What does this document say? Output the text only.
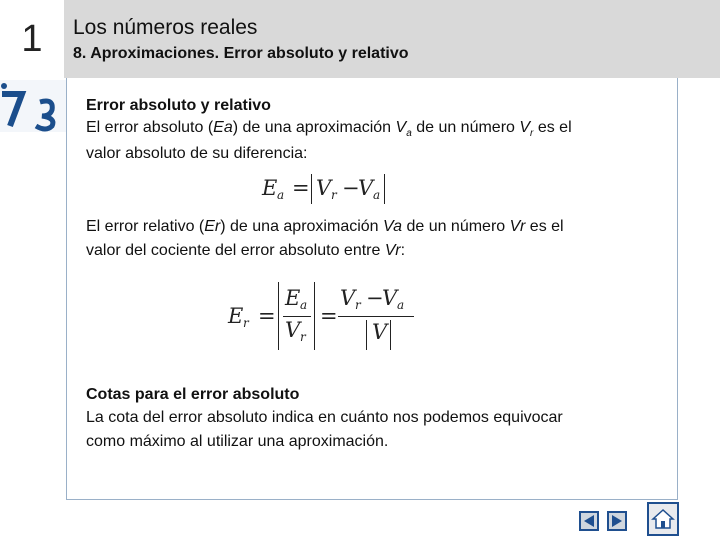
1	Los números reales
8. Aproximaciones. Error absoluto y relativo
Error absoluto y relativo
El error absoluto (Ea) de una aproximación $V_a$ de un número $V_r$ es el
valor absoluto de su diferencia:
E a = V r −
V a
El error relativo (Er) de una aproximación Va de un número Vr es el
valor del cociente del error absoluto entre Vr:
E r =
E a
V r
=
V r −
V a
V
Cotas para el error absoluto
La cota del error absoluto indica en cuánto nos podemos equivocar
como máximo al utilizar una aproximación.
